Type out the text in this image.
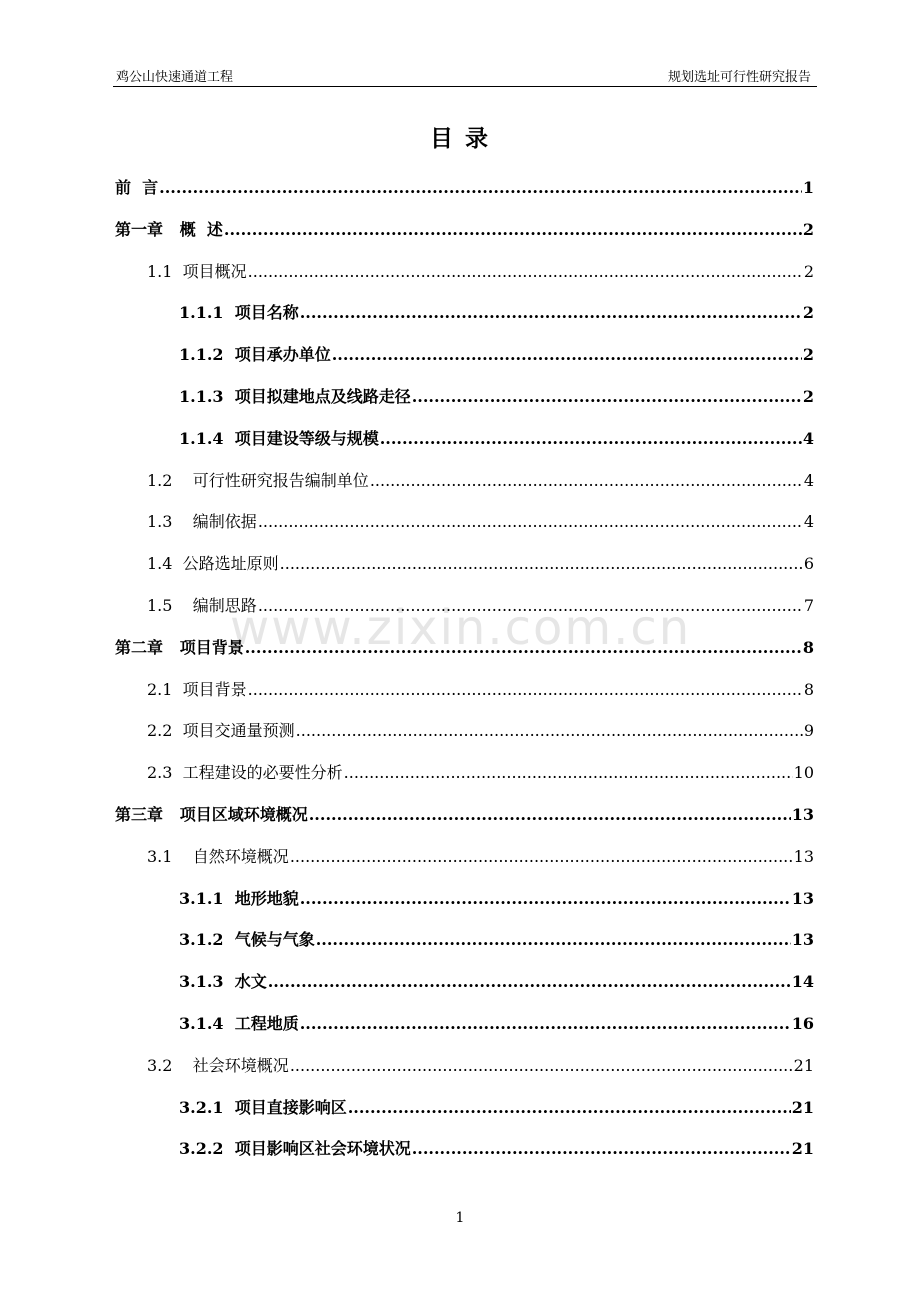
鸡公山快速通道工程	规划选址可行性研究报告
目 录
www.zixin.com.cn
前  言 .....	1
第一章 概  述 .....	2
1.1 项目概况 .....	2
1.1.1 项目名称 .....	2
1.1.2 项目承办单位 .....	2
1.1.3 项目拟建地点及线路走径 .....	2
1.1.4 项目建设等级与规模 .....	4
1.2 可行性研究报告编制单位 .....	4
1.3 编制依据 .....	4
1.4 公路选址原则 .....	6
1.5 编制思路 .....	7
第二章 项目背景 .....	8
2.1 项目背景 .....	8
2.2 项目交通量预测 .....	9
2.3 工程建设的必要性分析 .....	10
第三章 项目区域环境概况 .....	13
3.1 自然环境概况 .....	13
3.1.1 地形地貌 .....	13
3.1.2 气候与气象 .....	13
3.1.3 水文 .....	14
3.1.4 工程地质 .....	16
3.2 社会环境概况 .....	21
3.2.1 项目直接影响区 .....	21
3.2.2 项目影响区社会环境状况 .....	21
1
